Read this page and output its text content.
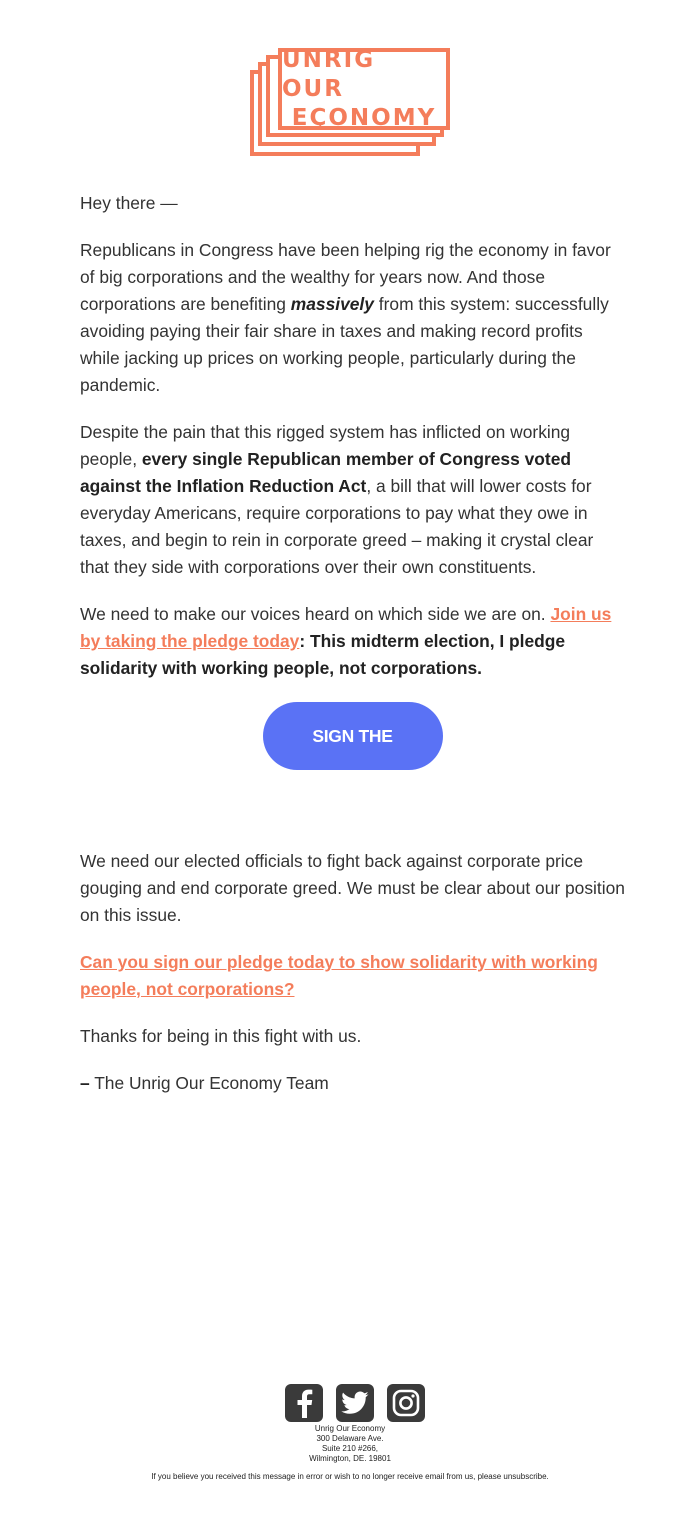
UNRIG OUR
EÇONOMY

Hey there —

Republicans in Congress have been helping rig the economy in favor of big corporations and the wealthy for years now. And those corporations are benefiting massively from this system: successfully avoiding paying their fair share in taxes and making record profits while jacking up prices on working people, particularly during the pandemic.

Despite the pain that this rigged system has inflicted on working people, every single Republican member of Congress voted against the Inflation Reduction Act, a bill that will lower costs for everyday Americans, require corporations to pay what they owe in taxes, and begin to rein in corporate greed – making it crystal clear that they side with corporations over their own constituents.

We need to make our voices heard on which side we are on. Join us by taking the pledge today: This midterm election, I pledge solidarity with working people, not corporations.

SIGN THE PLEDGE

We need our elected officials to fight back against corporate price gouging and end corporate greed. We must be clear about our position on this issue.

Can you sign our pledge today to show solidarity with working people, not corporations?

Thanks for being in this fight with us.

– The Unrig Our Economy Team

Unrig Our Economy
300 Delaware Ave.
Suite 210 #266,
Wilmington, DE. 19801
If you believe you received this message in error or wish to no longer receive email from us, please unsubscribe.
